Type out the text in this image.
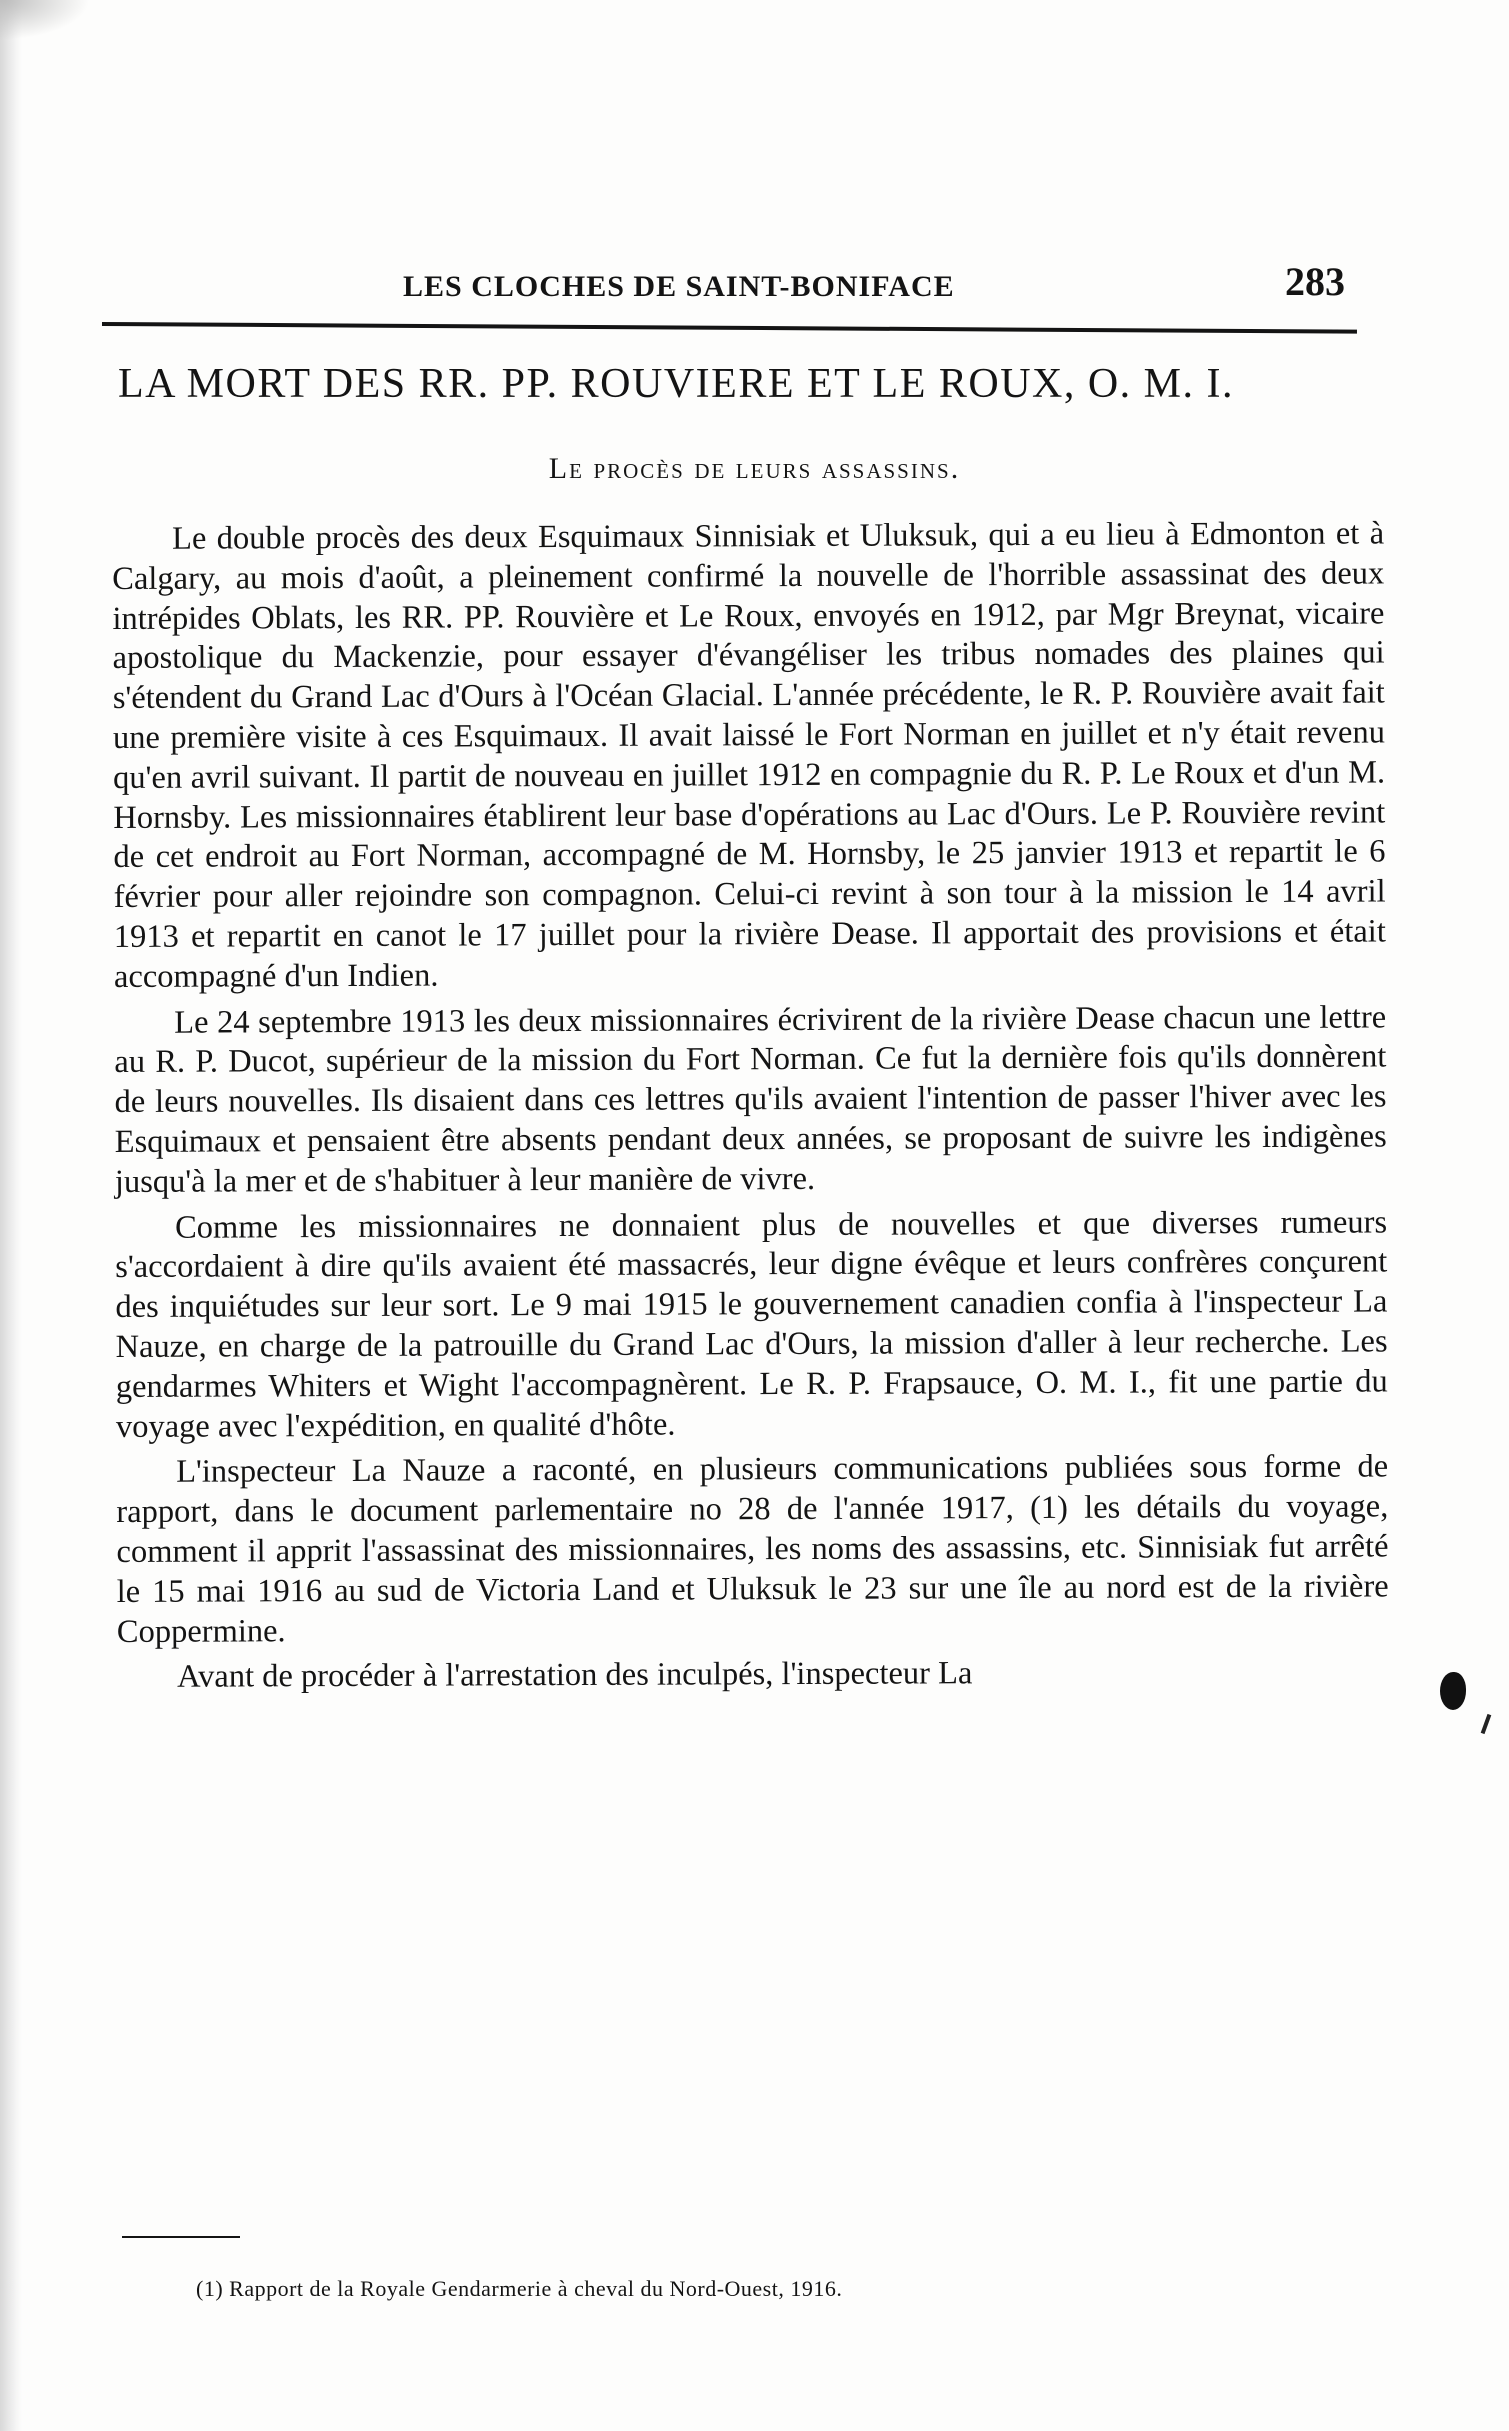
LES CLOCHES DE SAINT-BONIFACE	283
LA MORT DES RR. PP. ROUVIERE ET LE ROUX, O. M. I.
Le procès de leurs assassins.

Le double procès des deux Esquimaux Sinnisiak et Uluksuk, qui a eu lieu à Edmonton et à Calgary, au mois d'août, a pleinement confirmé la nouvelle de l'horrible assassinat des deux intrépides Oblats, les RR. PP. Rouvière et Le Roux, envoyés en 1912, par Mgr Breynat, vicaire apostolique du Mackenzie, pour essayer d'évangéliser les tribus nomades des plaines qui s'étendent du Grand Lac d'Ours à l'Océan Glacial. L'année précédente, le R. P. Rouvière avait fait une première visite à ces Esquimaux. Il avait laissé le Fort Norman en juillet et n'y était revenu qu'en avril suivant. Il partit de nouveau en juillet 1912 en compagnie du R. P. Le Roux et d'un M. Hornsby. Les missionnaires établirent leur base d'opérations au Lac d'Ours. Le P. Rouvière revint de cet endroit au Fort Norman, accompagné de M. Hornsby, le 25 janvier 1913 et repartit le 6 février pour aller rejoindre son compagnon. Celui-ci revint à son tour à la mission le 14 avril 1913 et repartit en canot le 17 juillet pour la rivière Dease. Il apportait des provisions et était accompagné d'un Indien.

Le 24 septembre 1913 les deux missionnaires écrivirent de la rivière Dease chacun une lettre au R. P. Ducot, supérieur de la mission du Fort Norman. Ce fut la dernière fois qu'ils donnèrent de leurs nouvelles. Ils disaient dans ces lettres qu'ils avaient l'intention de passer l'hiver avec les Esquimaux et pensaient être absents pendant deux années, se proposant de suivre les indigènes jusqu'à la mer et de s'habituer à leur manière de vivre.

Comme les missionnaires ne donnaient plus de nouvelles et que diverses rumeurs s'accordaient à dire qu'ils avaient été massacrés, leur digne évêque et leurs confrères conçurent des inquiétudes sur leur sort. Le 9 mai 1915 le gouvernement canadien confia à l'inspecteur La Nauze, en charge de la patrouille du Grand Lac d'Ours, la mission d'aller à leur recherche. Les gendarmes Whiters et Wight l'accompagnèrent. Le R. P. Frapsauce, O. M. I., fit une partie du voyage avec l'expédition, en qualité d'hôte.

L'inspecteur La Nauze a raconté, en plusieurs communications publiées sous forme de rapport, dans le document parlementaire no 28 de l'année 1917, (1) les détails du voyage, comment il apprit l'assassinat des missionnaires, les noms des assassins, etc. Sinnisiak fut arrêté le 15 mai 1916 au sud de Victoria Land et Uluksuk le 23 sur une île au nord est de la rivière Coppermine.

Avant de procéder à l'arrestation des inculpés, l'inspecteur La

(1) Rapport de la Royale Gendarmerie à cheval du Nord-Ouest, 1916.
